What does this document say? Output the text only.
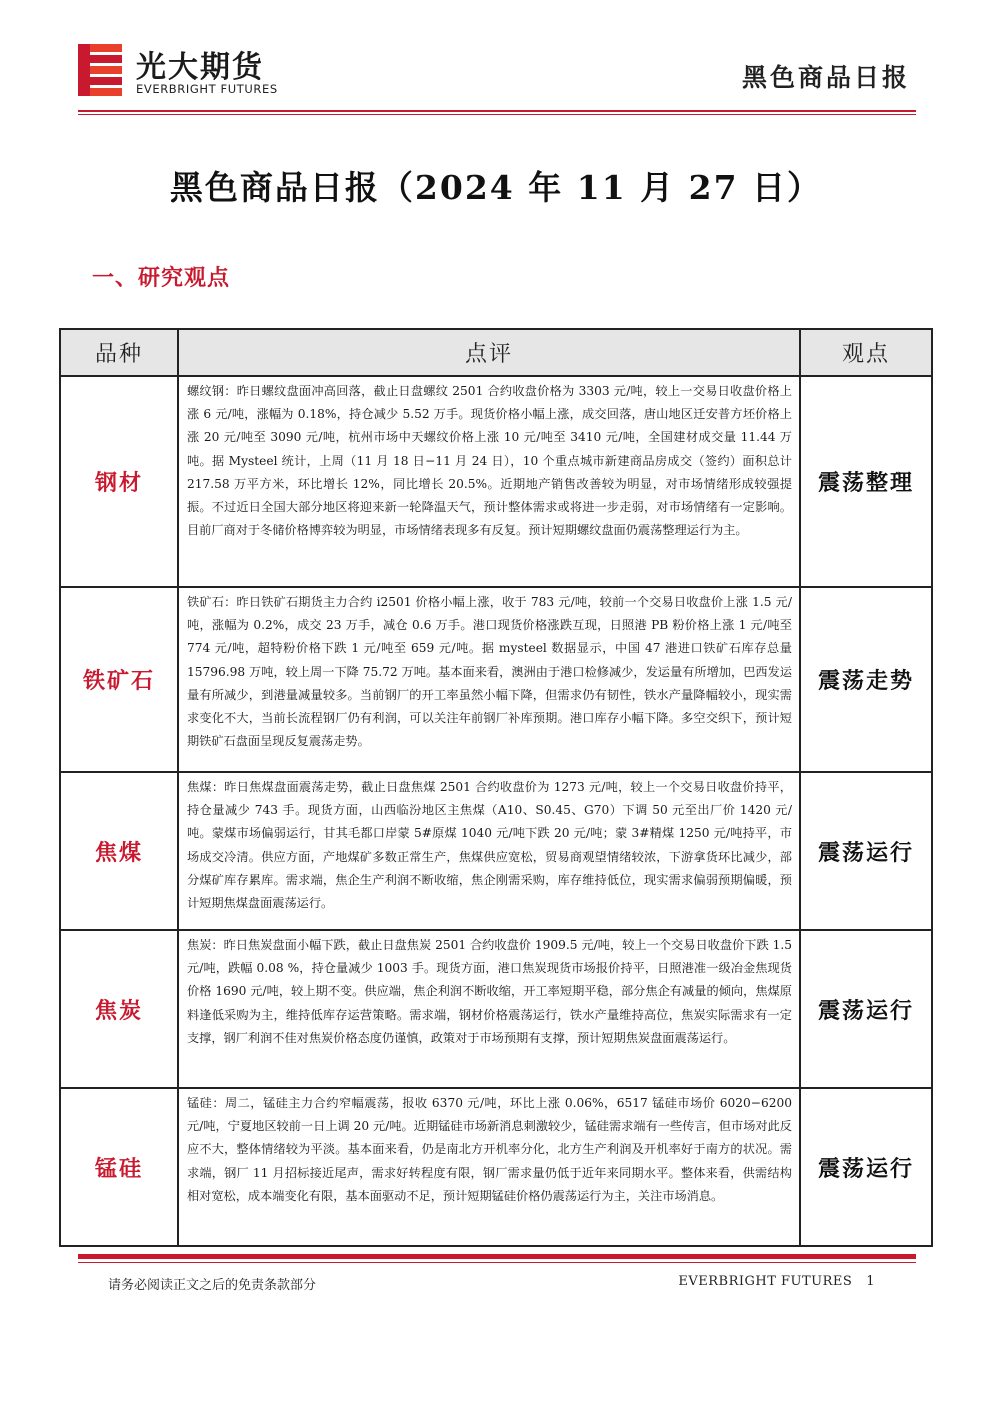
光大期货
EVERBRIGHT FUTURES	黑色商品日报
黑色商品日报（2024 年 11 月 27 日）
一、研究观点
品种	点评	观点
钢材	螺纹钢：昨日螺纹盘面冲高回落，截止日盘螺纹 2501 合约收盘价格为 3303 元/吨，较上一交易日收盘价格上涨 6 元/吨，涨幅为 0.18%，持仓减少 5.52 万手。现货价格小幅上涨，成交回落，唐山地区迁安普方坯价格上涨 20 元/吨至 3090 元/吨，杭州市场中天螺纹价格上涨 10 元/吨至 3410 元/吨，全国建材成交量 11.44 万吨。据 Mysteel 统计，上周（11 月 18 日−11 月 24 日），10 个重点城市新建商品房成交（签约）面积总计 217.58 万平方米，环比增长 12%，同比增长 20.5%。近期地产销售改善较为明显，对市场情绪形成较强提振。不过近日全国大部分地区将迎来新一轮降温天气，预计整体需求或将进一步走弱，对市场情绪有一定影响。目前厂商对于冬储价格博弈较为明显，市场情绪表现多有反复。预计短期螺纹盘面仍震荡整理运行为主。	震荡整理
铁矿石	铁矿石：昨日铁矿石期货主力合约 i2501 价格小幅上涨，收于 783 元/吨，较前一个交易日收盘价上涨 1.5 元/吨，涨幅为 0.2%，成交 23 万手，减仓 0.6 万手。港口现货价格涨跌互现，日照港 PB 粉价格上涨 1 元/吨至 774 元/吨，超特粉价格下跌 1 元/吨至 659 元/吨。据 mysteel 数据显示，中国 47 港进口铁矿石库存总量 15796.98 万吨，较上周一下降 75.72 万吨。基本面来看，澳洲由于港口检修减少，发运量有所增加，巴西发运量有所减少，到港量减量较多。当前钢厂的开工率虽然小幅下降，但需求仍有韧性，铁水产量降幅较小，现实需求变化不大，当前长流程钢厂仍有利润，可以关注年前钢厂补库预期。港口库存小幅下降。多空交织下，预计短期铁矿石盘面呈现反复震荡走势。	震荡走势
焦煤	焦煤：昨日焦煤盘面震荡走势，截止日盘焦煤 2501 合约收盘价为 1273 元/吨，较上一个交易日收盘价持平，持仓量减少 743 手。现货方面，山西临汾地区主焦煤（A10、S0.45、G70）下调 50 元至出厂价 1420 元/吨。蒙煤市场偏弱运行，甘其毛都口岸蒙 5#原煤 1040 元/吨下跌 20 元/吨；蒙 3#精煤 1250 元/吨持平，市场成交冷清。供应方面，产地煤矿多数正常生产，焦煤供应宽松，贸易商观望情绪较浓，下游拿货环比减少，部分煤矿库存累库。需求端，焦企生产利润不断收缩，焦企刚需采购，库存维持低位，现实需求偏弱预期偏暖，预计短期焦煤盘面震荡运行。	震荡运行
焦炭	焦炭：昨日焦炭盘面小幅下跌，截止日盘焦炭 2501 合约收盘价 1909.5 元/吨，较上一个交易日收盘价下跌 1.5 元/吨，跌幅 0.08 %，持仓量减少 1003 手。现货方面，港口焦炭现货市场报价持平，日照港准一级冶金焦现货价格 1690 元/吨，较上期不变。供应端，焦企利润不断收缩，开工率短期平稳，部分焦企有减量的倾向，焦煤原料逢低采购为主，维持低库存运营策略。需求端，钢材价格震荡运行，铁水产量维持高位，焦炭实际需求有一定支撑，钢厂利润不佳对焦炭价格态度仍谨慎，政策对于市场预期有支撑，预计短期焦炭盘面震荡运行。	震荡运行
锰硅	锰硅：周二，锰硅主力合约窄幅震荡，报收 6370 元/吨，环比上涨 0.06%，6517 锰硅市场价 6020−6200 元/吨，宁夏地区较前一日上调 20 元/吨。近期锰硅市场新消息刺激较少，锰硅需求端有一些传言，但市场对此反应不大，整体情绪较为平淡。基本面来看，仍是南北方开机率分化，北方生产利润及开机率好于南方的状况。需求端，钢厂 11 月招标接近尾声，需求好转程度有限，钢厂需求量仍低于近年来同期水平。整体来看，供需结构相对宽松，成本端变化有限，基本面驱动不足，预计短期锰硅价格仍震荡运行为主，关注市场消息。	震荡运行
请务必阅读正文之后的免责条款部分	EVERBRIGHT FUTURES 1
